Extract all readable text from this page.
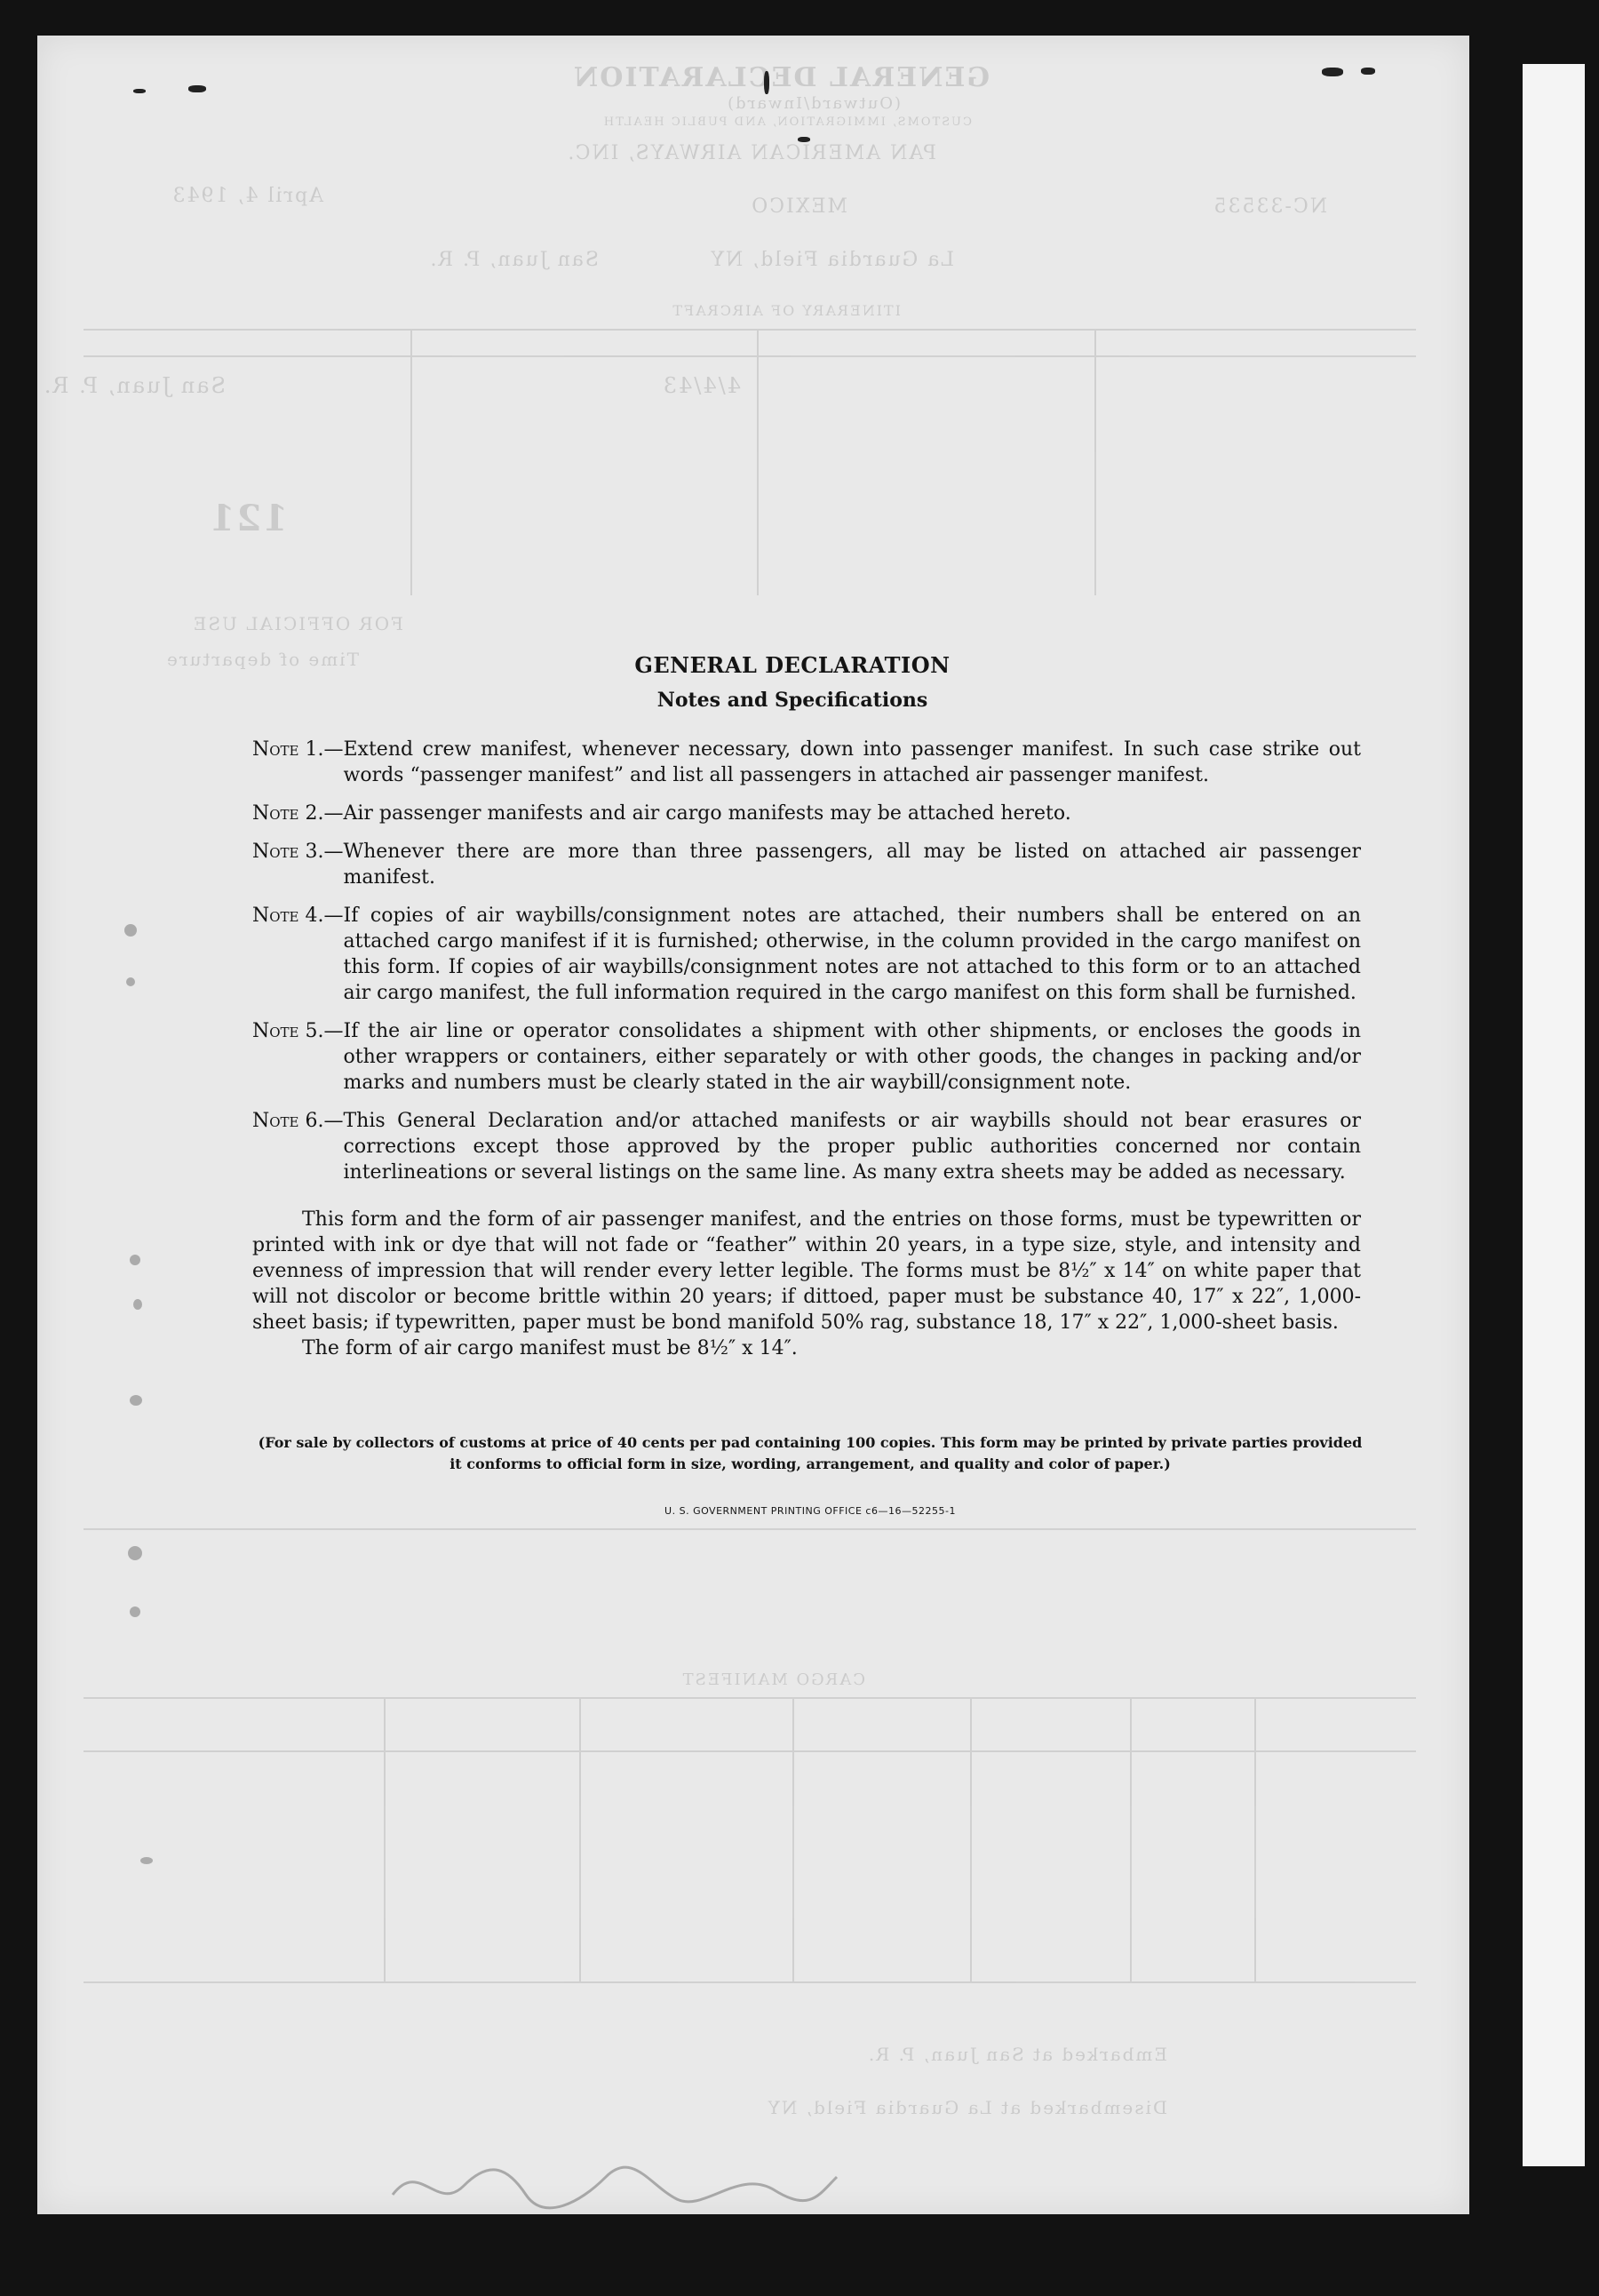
GENERAL DECLARATION
(Outward/Inward)
CUSTOMS, IMMIGRATION, AND PUBLIC HEALTH
PAN AMERICAN AIRWAYS, INC.
April 4, 1943	NC-33535
MEXICO
La Guardia Field, NY
San Juan, P. R.
ITINERARY OF AIRCRAFT
San Juan, P. R.	4/4/43
121
FOR OFFICIAL USE
Time of departure
CARGO MANIFEST
Embarked at San Juan, P. R.
Disembarked at La Guardia Field, NY
GENERAL DECLARATION
Notes and Specifications
Note 1. — Extend crew manifest, whenever necessary, down into passenger manifest. In such case strike out words “passenger manifest” and list all passengers in attached air passenger manifest.
Note 2. — Air passenger manifests and air cargo manifests may be attached hereto.
Note 3. — Whenever there are more than three passengers, all may be listed on attached air passenger manifest.
Note 4. — If copies of air waybills/consignment notes are attached, their numbers shall be entered on an attached cargo manifest if it is furnished; otherwise, in the column provided in the cargo manifest on this form. If copies of air waybills/consignment notes are not attached to this form or to an attached air cargo manifest, the full information required in the cargo manifest on this form shall be furnished.
Note 5. — If the air line or operator consolidates a shipment with other shipments, or encloses the goods in other wrappers or containers, either separately or with other goods, the changes in packing and/or marks and numbers must be clearly stated in the air waybill/consignment note.
Note 6. — This General Declaration and/or attached manifests or air waybills should not bear erasures or corrections except those approved by the proper public authorities concerned nor contain interlineations or several listings on the same line. As many extra sheets may be added as necessary.
This form and the form of air passenger manifest, and the entries on those forms, must be typewritten or printed with ink or dye that will not fade or “feather” within 20 years, in a type size, style, and intensity and evenness of impression that will render every letter legible. The forms must be 8½″ x 14″ on white paper that will not discolor or become brittle within 20 years; if dittoed, paper must be substance 40, 17″ x 22″, 1,000-sheet basis; if typewritten, paper must be bond manifold 50% rag, substance 18, 17″ x 22″, 1,000-sheet basis.
The form of air cargo manifest must be 8½″ x 14″.
(For sale by collectors of customs at price of 40 cents per pad containing 100 copies. This form may be printed by private parties provided it conforms to official form in size, wording, arrangement, and quality and color of paper.)
U. S. GOVERNMENT PRINTING OFFICE c6—16—52255-1
